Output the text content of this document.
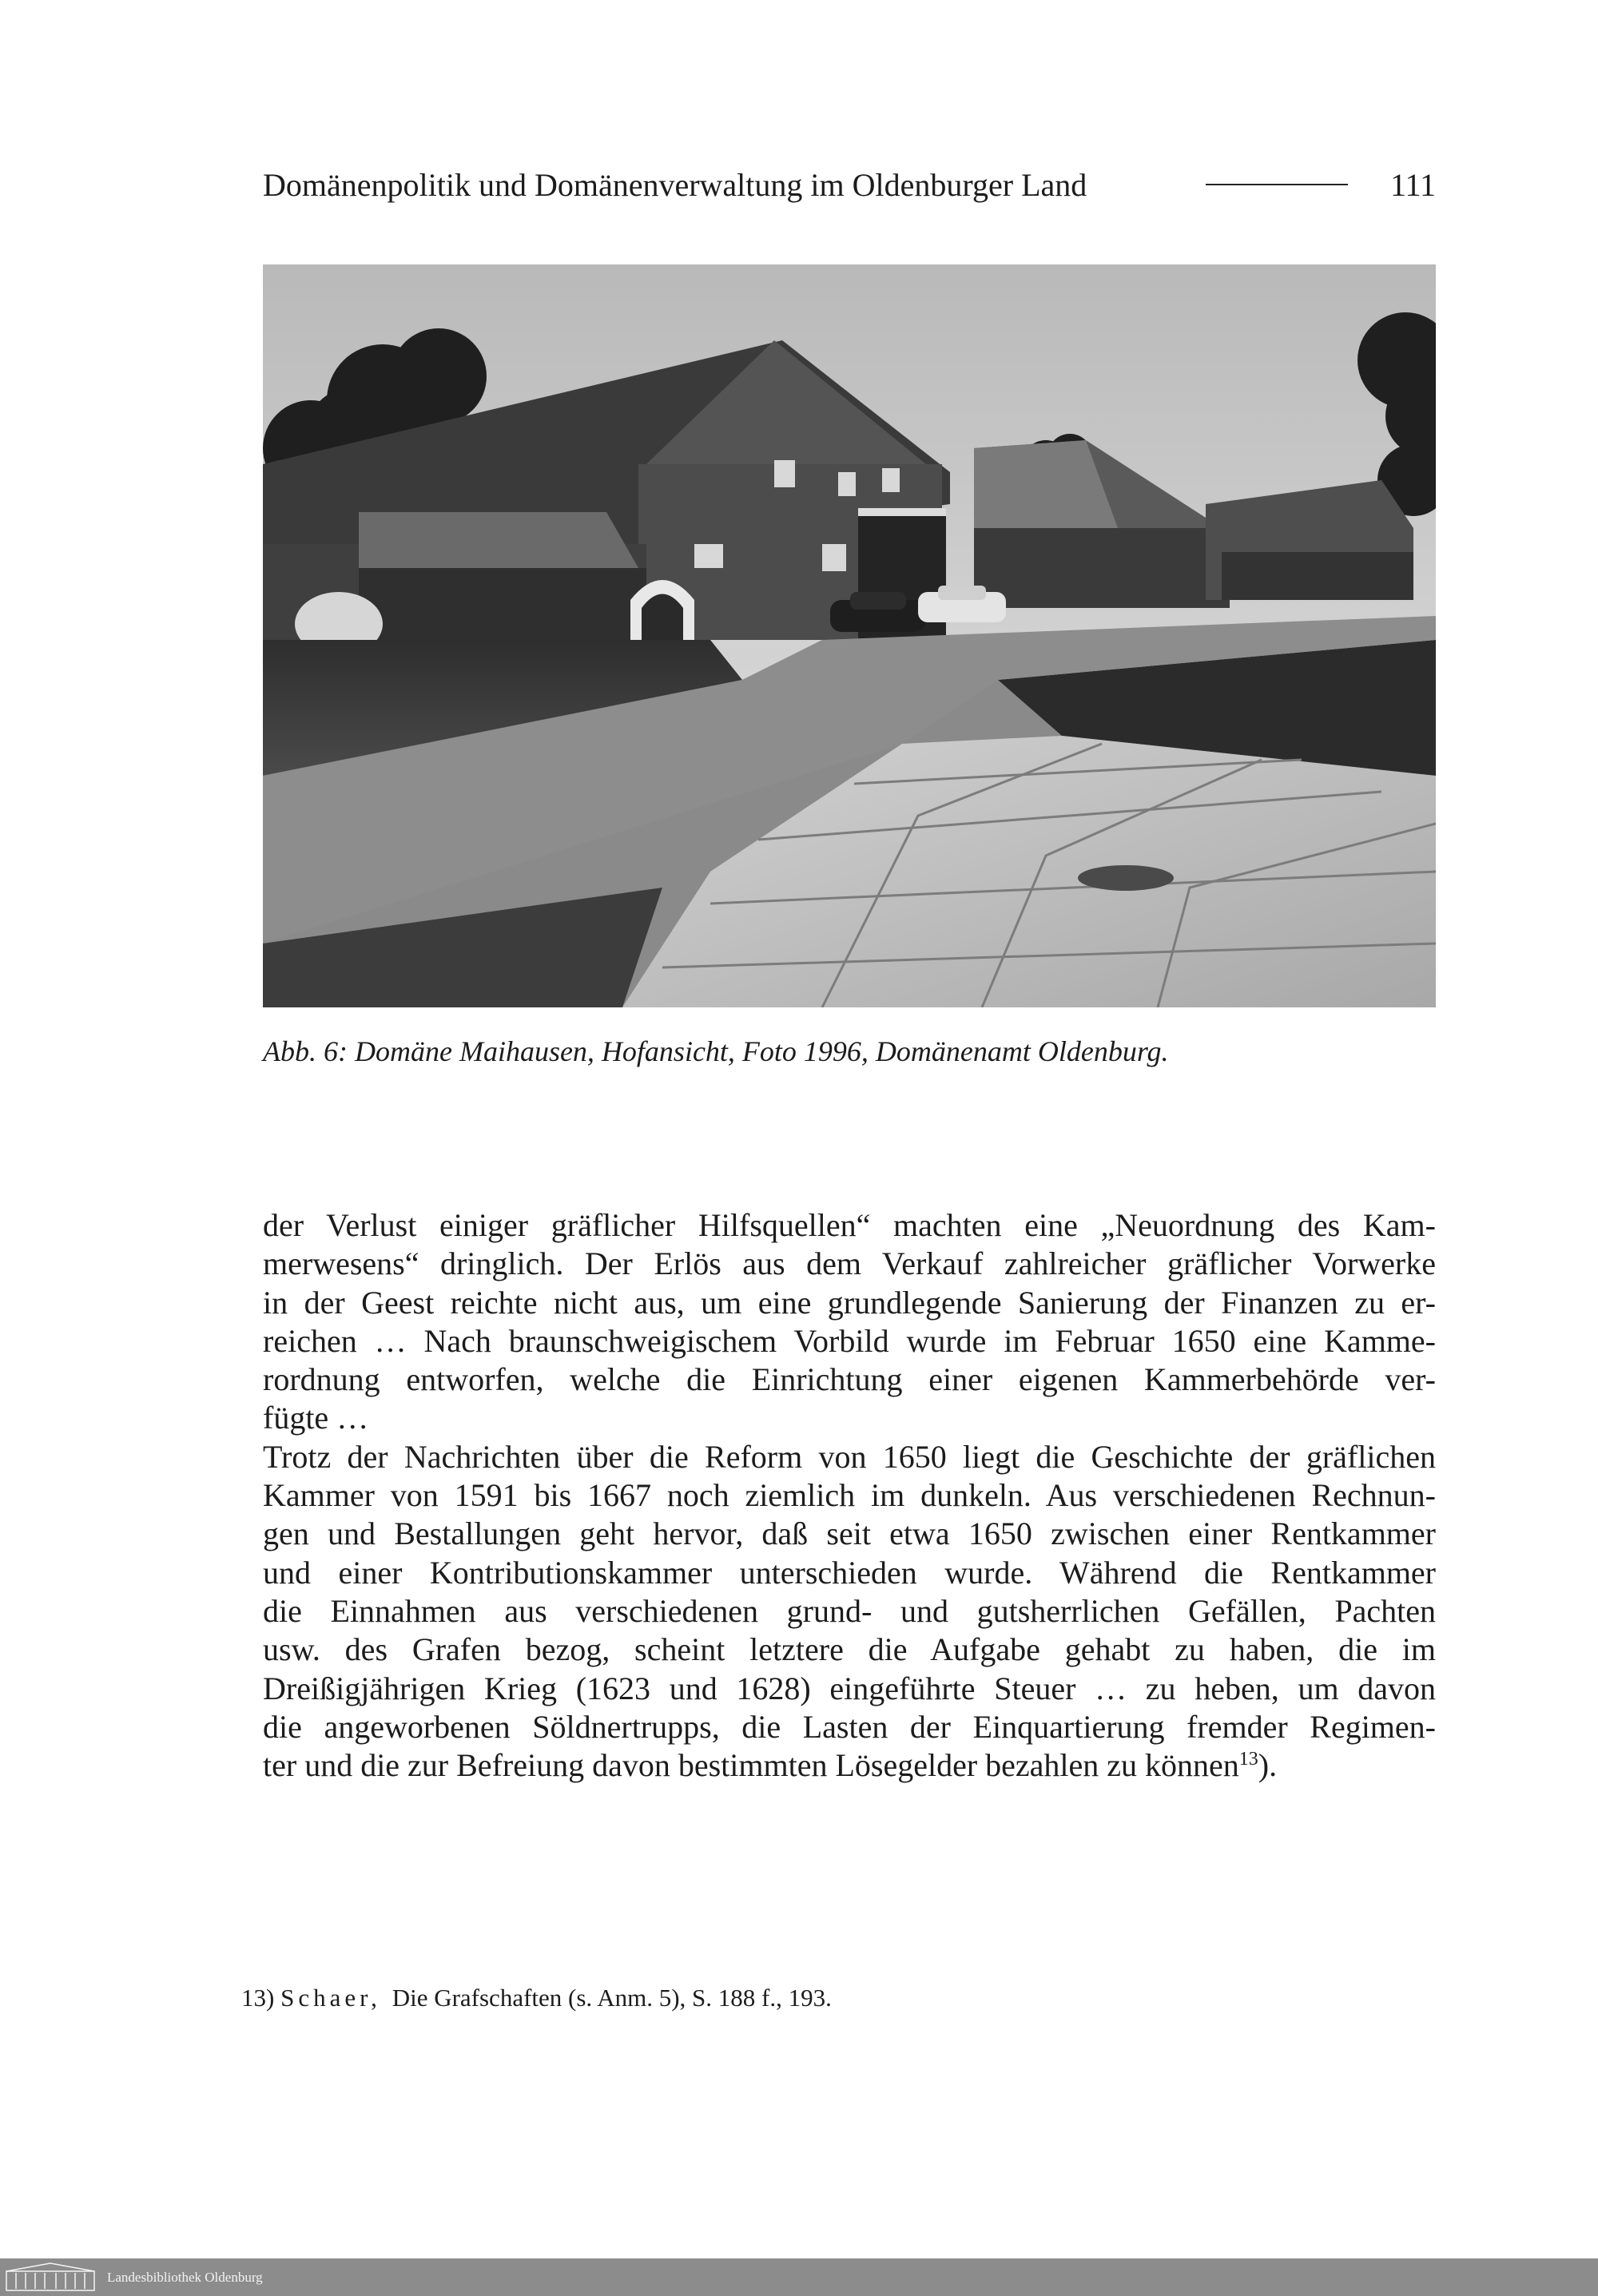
Domänenpolitik und Domänenverwaltung im Oldenburger Land	111
Abb. 6: Domäne Maihausen, Hofansicht, Foto 1996, Domänenamt Oldenburg.
der Verlust einiger gräflicher Hilfsquellen“ machten eine „Neuordnung des Kam-
merwesens“ dringlich. Der Erlös aus dem Verkauf zahlreicher gräflicher Vorwerke
in der Geest reichte nicht aus, um eine grundlegende Sanierung der Finanzen zu er-
reichen … Nach braunschweigischem Vorbild wurde im Februar 1650 eine Kamme-
rordnung entworfen, welche die Einrichtung einer eigenen Kammerbehörde ver-
fügte …
Trotz der Nachrichten über die Reform von 1650 liegt die Geschichte der gräflichen
Kammer von 1591 bis 1667 noch ziemlich im dunkeln. Aus verschiedenen Rechnun-
gen und Bestallungen geht hervor, daß seit etwa 1650 zwischen einer Rentkammer
und einer Kontributionskammer unterschieden wurde. Während die Rentkammer
die Einnahmen aus verschiedenen grund- und gutsherrlichen Gefällen, Pachten
usw. des Grafen bezog, scheint letztere die Aufgabe gehabt zu haben, die im
Dreißigjährigen Krieg (1623 und 1628) eingeführte Steuer … zu heben, um davon
die angeworbenen Söldnertrupps, die Lasten der Einquartierung fremder Regimen-
ter und die zur Befreiung davon bestimmten Lösegelder bezahlen zu können$^{13}$).
13) Schaer, Die Grafschaften (s. Anm. 5), S. 188 f., 193.
Landesbibliothek Oldenburg
